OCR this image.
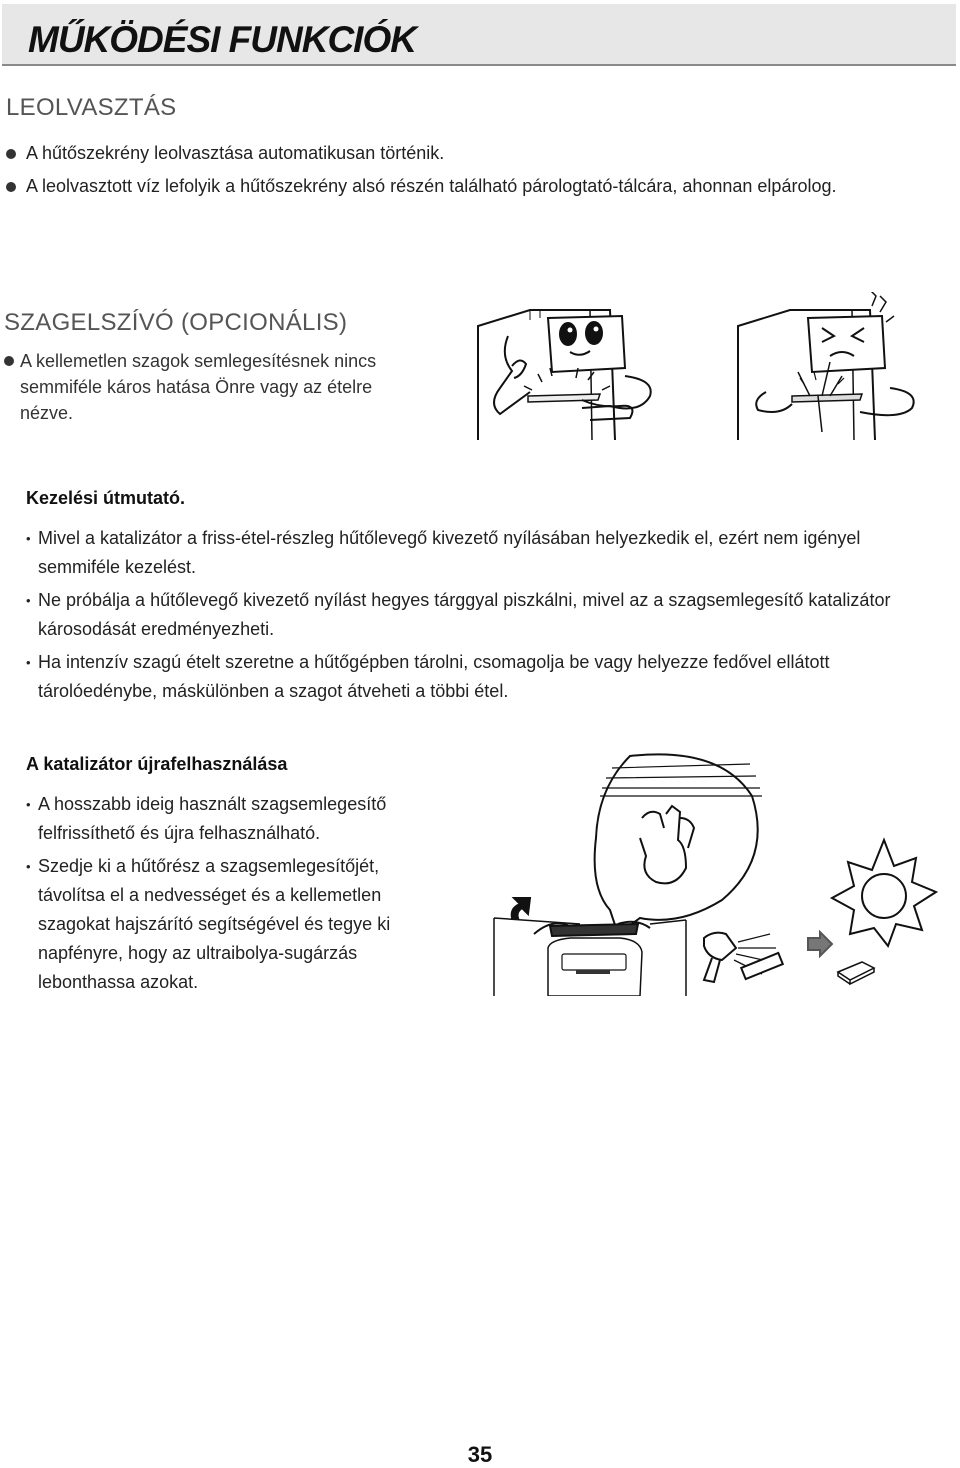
MŰKÖDÉSI FUNKCIÓK
LEOLVASZTÁS
A hűtőszekrény leolvasztása automatikusan történik.
A leolvasztott víz lefolyik a hűtőszekrény alsó részén található párologtató-tálcára, ahonnan elpárolog.
SZAGELSZÍVÓ (OPCIONÁLIS)

A kellemetlen szagok semlegesítésnek nincs semmiféle káros hatása Önre vagy az ételre nézve.

Kezelési útmutató.
• Mivel a katalizátor a friss-étel-részleg hűtőlevegő kivezető nyílásában helyezkedik el, ezért nem igényel semmiféle kezelést.
• Ne próbálja a hűtőlevegő kivezető nyílást hegyes tárggyal piszkálni, mivel az a szagsemlegesítő katalizátor károsodását eredményezheti.
• Ha intenzív szagú ételt szeretne a hűtőgépben tárolni, csomagolja be vagy helyezze fedővel ellátott tárolóedénybe, máskülönben a szagot átveheti a többi étel.
A katalizátor újrafelhasználása
• A hosszabb ideig használt szagsemlegesítő felfrissíthető és újra felhasználható.
• Szedje ki a hűtőrész a szagsemlegesítőjét, távolítsa el a nedvességet és a kellemetlen szagokat hajszárító segítségével és tegye ki napfényre, hogy az ultraibolya-sugárzás lebonthassa azokat.
35
